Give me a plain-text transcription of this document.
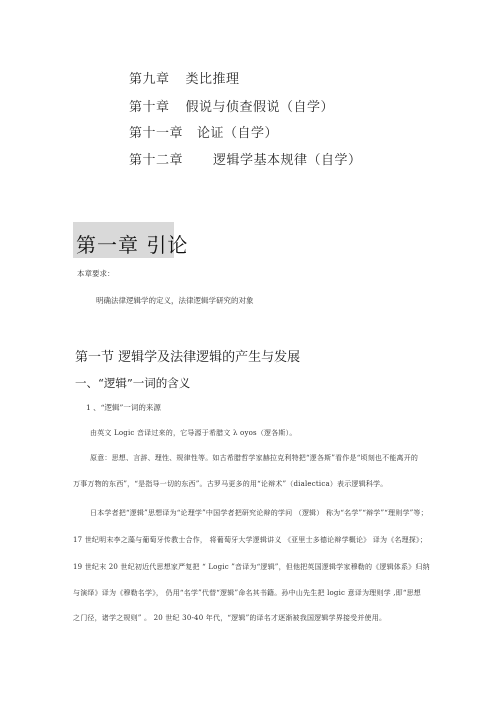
第九章 类比推理
第十章 假说与侦查假说（自学）
第十一章 论证（自学）
第十二章 逻辑学基本规律（自学）
第一章 引论
本章要求：
明确法律逻辑学的定义，法律逻辑学研究的对象
第一节 逻辑学及法律逻辑的产生与发展
一、“逻辑”一词的含义
1 、“逻辑”一词的来源
由英文 Logic 音译过来的，它导源于希腊文 λ oyos（逻各斯）。
原意：思想、言辞、理性、规律性等。如古希腊哲学家赫拉克利特把“逻各斯”看作是“顷刻也不能离开的
万事万物的东西”，“是指导一切的东西”。古罗马更多的用“论辩术”（dialectica）表示逻辑科学。
日本学者把“逻辑”思想译为“论理学”中国学者把研究论辩的学问 （逻辑） 称为“名学”“辩学”“理则学”等；
17 世纪明末李之藻与葡萄牙传教士合作， 将葡萄牙大学逻辑讲义 《亚里士多德论辩学概论》 译为《名理探》；
19 世纪末 20 世纪初近代思想家严复把 “ Logic ”音译为“逻辑”，但他把英国逻辑学家穆勒的《逻辑体系》归纳
与演绎》译为《穆勒名学》， 仍用“名学”代替“逻辑”命名其书籍。孙中山先生把 logic 意译为理则学 ,即“思想
之门径，诸学之规则” 。 20 世纪 30-40 年代，“逻辑”的译名才逐渐被我国逻辑学界接受并使用。
